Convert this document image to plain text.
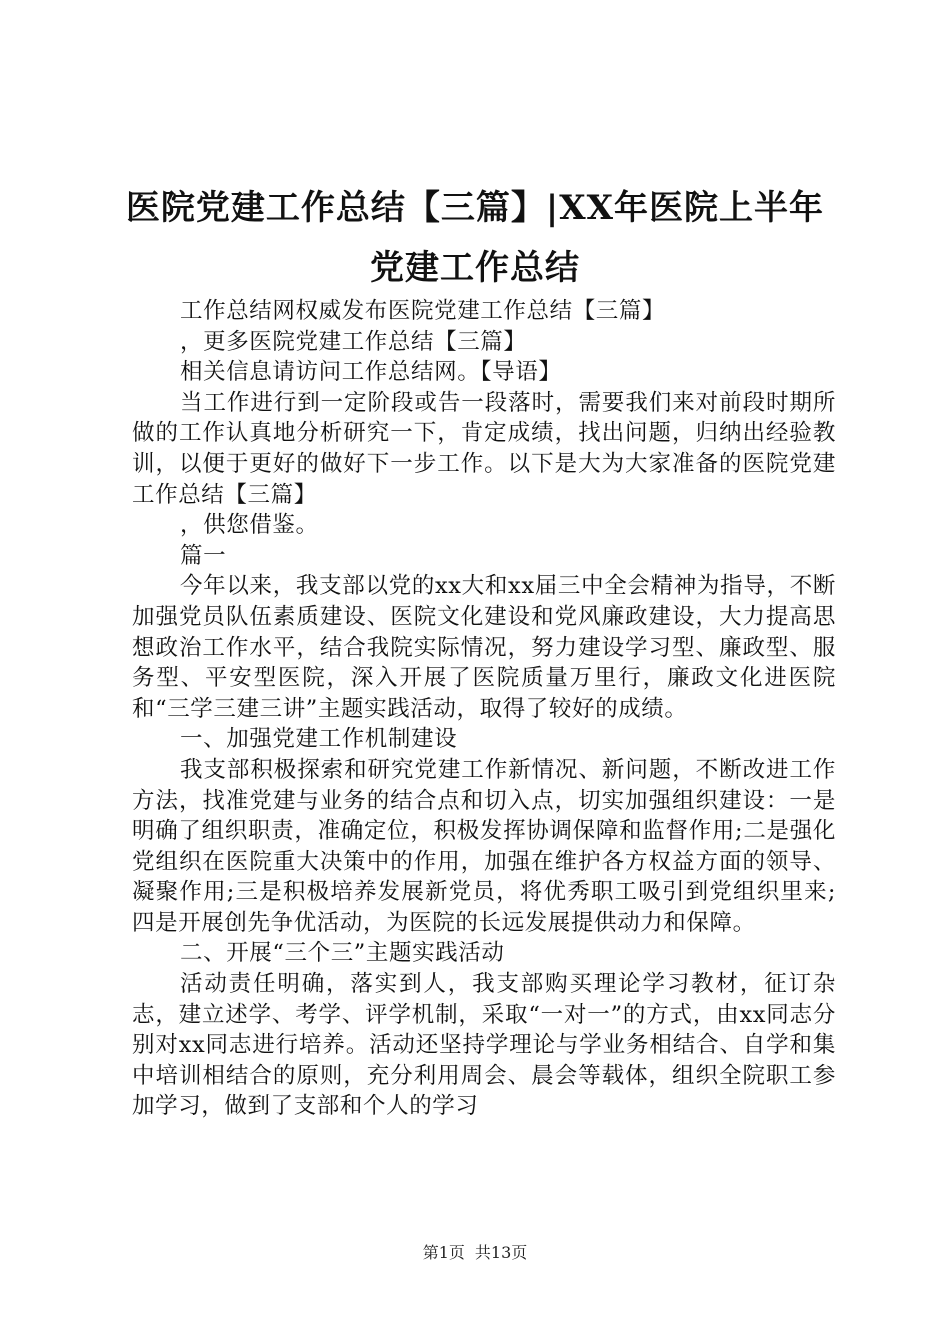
医院党建工作总结【三篇】|XX年医院上半年
党建工作总结

工作总结网权威发布医院党建工作总结【三篇】

，更多医院党建工作总结【三篇】

相关信息请访问工作总结网。【导语】

当工作进行到一定阶段或告一段落时，需要我们来对前段时期所做的工作认真地分析研究一下，肯定成绩，找出问题，归纳出经验教训，以便于更好的做好下一步工作。以下是大为大家准备的医院党建工作总结【三篇】

，供您借鉴。

篇一

今年以来，我支部以党的xx大和xx届三中全会精神为指导，不断加强党员队伍素质建设、医院文化建设和党风廉政建设，大力提高思想政治工作水平，结合我院实际情况，努力建设学习型、廉政型、服务型、平安型医院，深入开展了医院质量万里行，廉政文化进医院和“三学三建三讲”主题实践活动，取得了较好的成绩。

一、加强党建工作机制建设

我支部积极探索和研究党建工作新情况、新问题，不断改进工作方法，找准党建与业务的结合点和切入点，切实加强组织建设：一是明确了组织职责，准确定位，积极发挥协调保障和监督作用;二是强化党组织在医院重大决策中的作用，加强在维护各方权益方面的领导、凝聚作用;三是积极培养发展新党员，将优秀职工吸引到党组织里来;四是开展创先争优活动，为医院的长远发展提供动力和保障。

二、开展“三个三”主题实践活动

活动责任明确，落实到人，我支部购买理论学习教材，征订杂志，建立述学、考学、评学机制，采取“一对一”的方式，由xx同志分别对xx同志进行培养。活动还坚持学理论与学业务相结合、自学和集中培训相结合的原则，充分利用周会、晨会等载体，组织全院职工参加学习，做到了支部和个人的学习

第1页 共13页
